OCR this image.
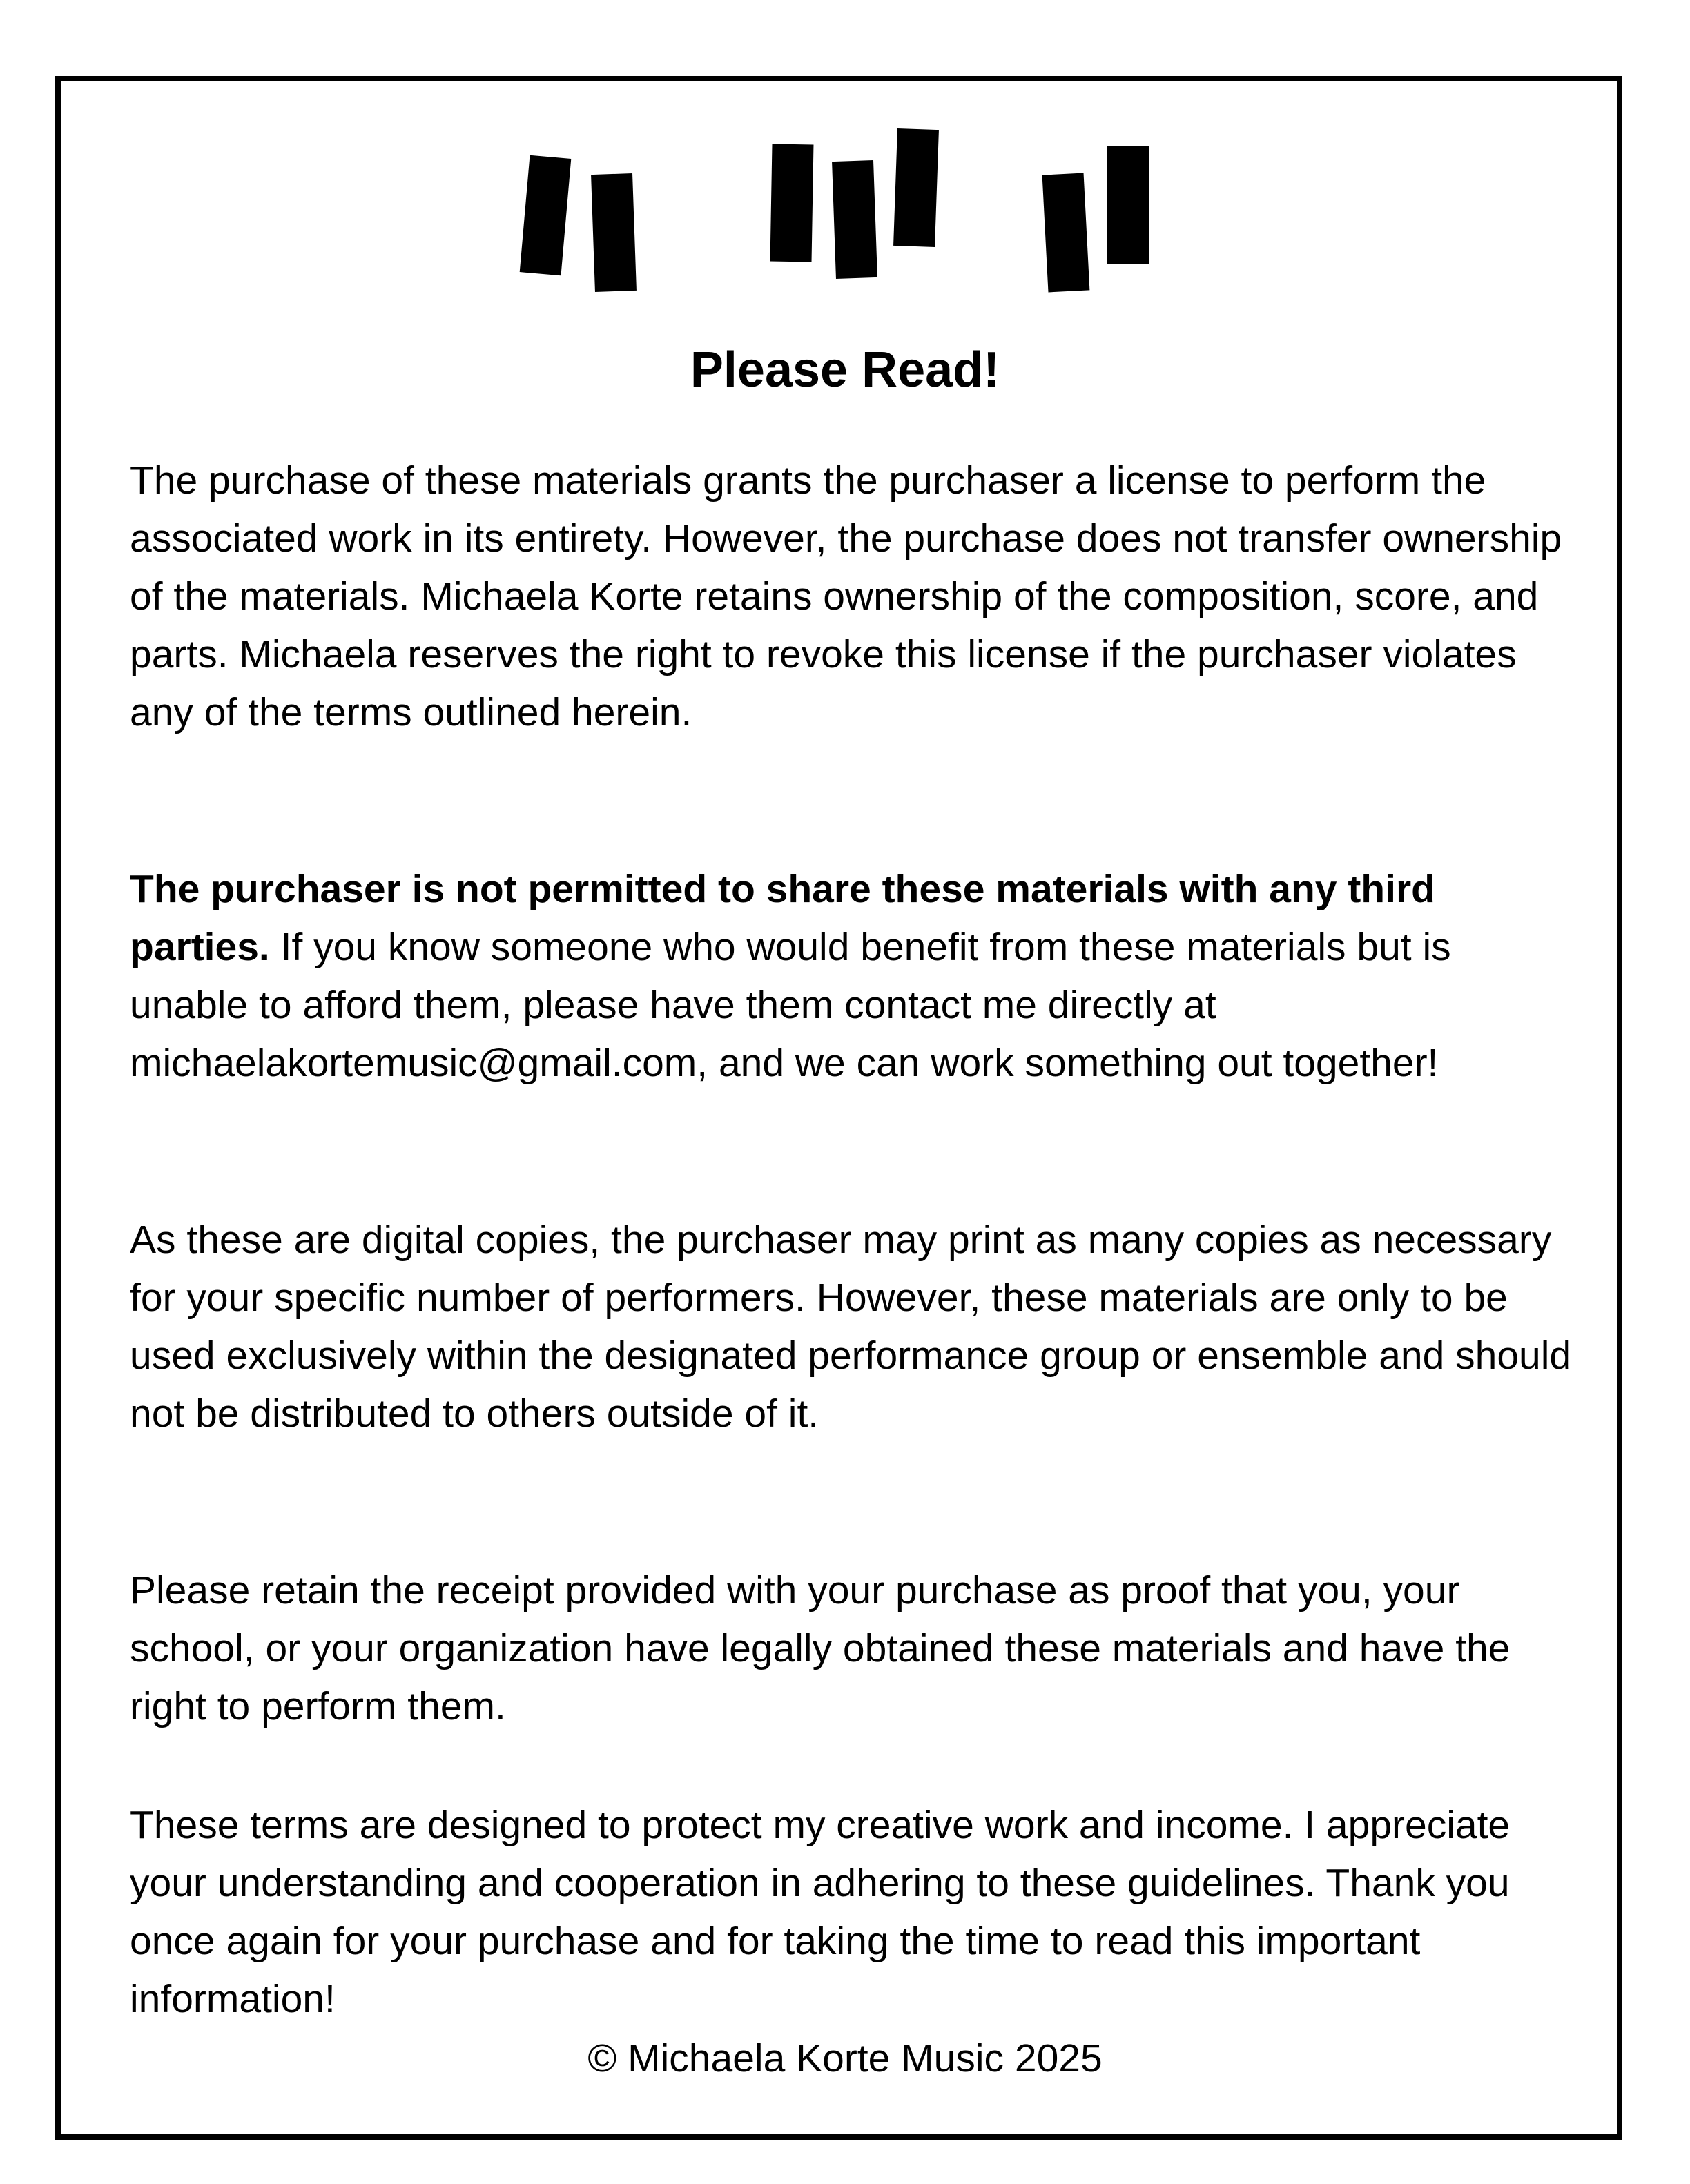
Please Read!

The purchase of these materials grants the purchaser a license to perform the associated work in its entirety. However, the purchase does not transfer ownership of the materials. Michaela Korte retains ownership of the composition, score, and parts. Michaela reserves the right to revoke this license if the purchaser violates any of the terms outlined herein.

The purchaser is not permitted to share these materials with any third parties. If you know someone who would benefit from these materials but is unable to afford them, please have them contact me directly at michaelakortemusic@gmail.com, and we can work something out together!

As these are digital copies, the purchaser may print as many copies as necessary for your specific number of performers. However, these materials are only to be used exclusively within the designated performance group or ensemble and should not be distributed to others outside of it.

Please retain the receipt provided with your purchase as proof that you, your school, or your organization have legally obtained these materials and have the right to perform them.

These terms are designed to protect my creative work and income. I appreciate your understanding and cooperation in adhering to these guidelines. Thank you once again for your purchase and for taking the time to read this important information!

© Michaela Korte Music 2025
